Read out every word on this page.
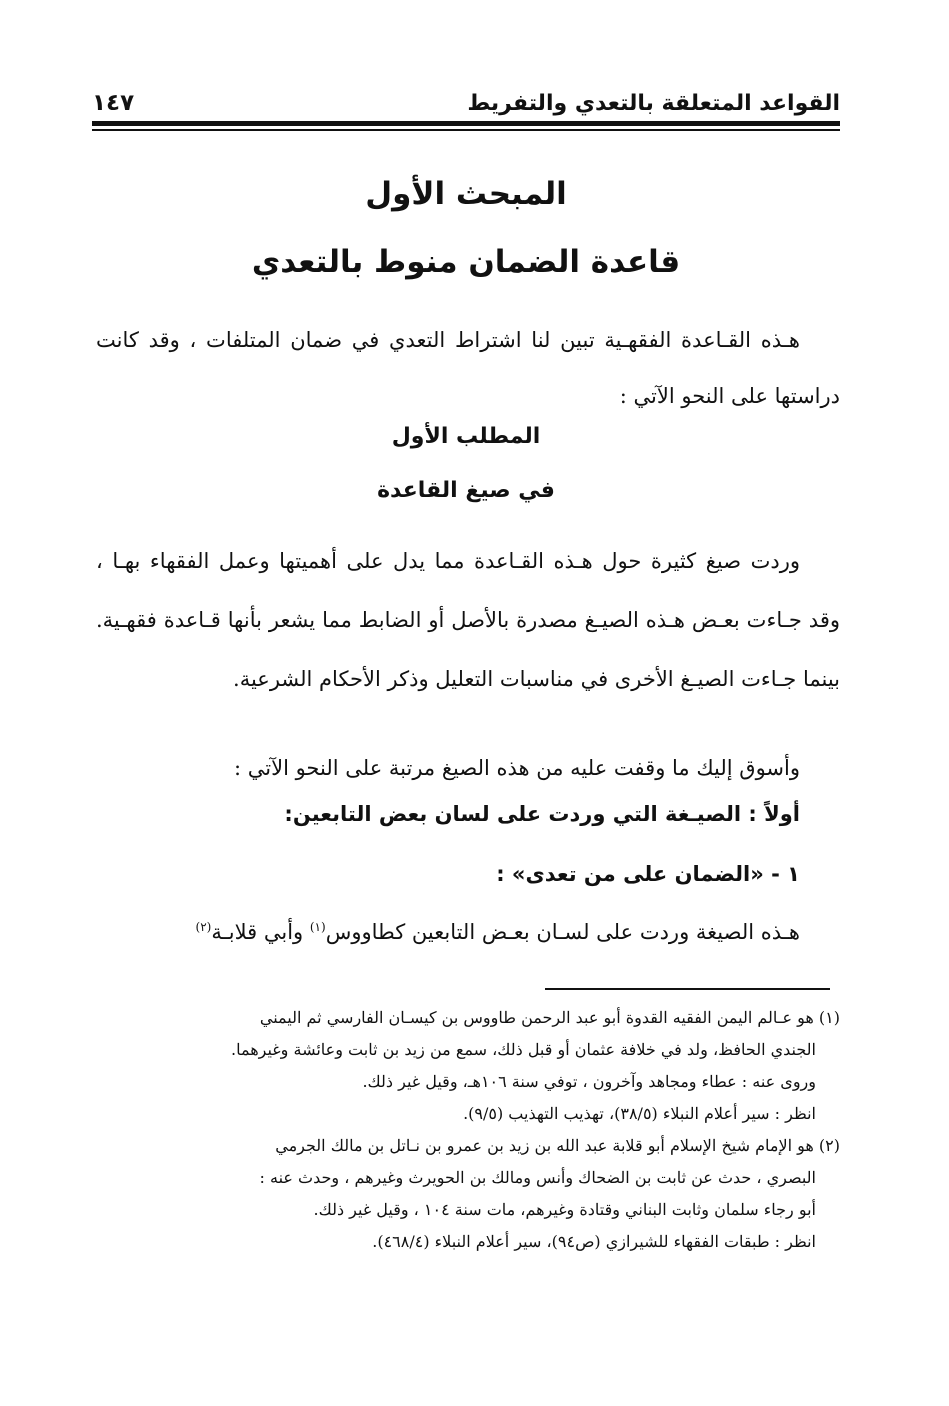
القواعد المتعلقة بالتعدي والتفريط
١٤٧
المبحث الأول
قاعدة الضمان منوط بالتعدي
هـذه القـاعدة الفقهـية تبين لنا اشتراط التعدي في ضمان المتلفات ، وقد كانت دراستها على النحو الآتي :
المطلب الأول
في صيغ القاعدة
وردت صيغ كثيرة حول هـذه القـاعدة مما يدل على أهميتها وعمل الفقهاء بهـا ، وقد جـاءت بعـض هـذه الصيـغ مصدرة بالأصل أو الضابط مما يشعر بأنها قـاعدة فقهـية. بينما جـاءت الصيـغ الأخرى في مناسبات التعليل وذكر الأحكام الشرعية.
وأسوق إليك ما وقفت عليه من هذه الصيغ مرتبة على النحو الآتي :
أولاً : الصيـغة التي وردت على لسان بعض التابعين:
١ - «الضمان على من تعدى» :
هـذه الصيغة وردت على لسـان بعـض التابعين كطاووس$^{(١)}$ وأبي قلابـة$^{(٢)}$
(١) هو عـالم اليمن الفقيه القدوة أبو عبد الرحمن طاووس بن كيسـان الفارسي ثم اليمني
الجندي الحافظ، ولد في خلافة عثمان أو قبل ذلك، سمع من زيد بن ثابت وعائشة وغيرهما.
وروى عنه : عطاء ومجاهد وآخرون ، توفي سنة ١٠٦هـ، وقيل غير ذلك.
انظر : سير أعلام النبلاء (٣٨/٥)، تهذيب التهذيب (٩/٥).
(٢) هو الإمام شيخ الإسلام أبو قلابة عبد الله بن زيد بن عمرو بن نـاتل بن مالك الجرمي
البصري ، حدث عن ثابت بن الضحاك وأنس ومالك بن الحويرث وغيرهم ، وحدث عنه :
أبو رجاء سلمان وثابت البناني وقتادة وغيرهم، مات سنة ١٠٤ ، وقيل غير ذلك.
انظر : طبقات الفقهاء للشيرازي (ص٩٤)، سير أعلام النبلاء (٤٦٨/٤).
